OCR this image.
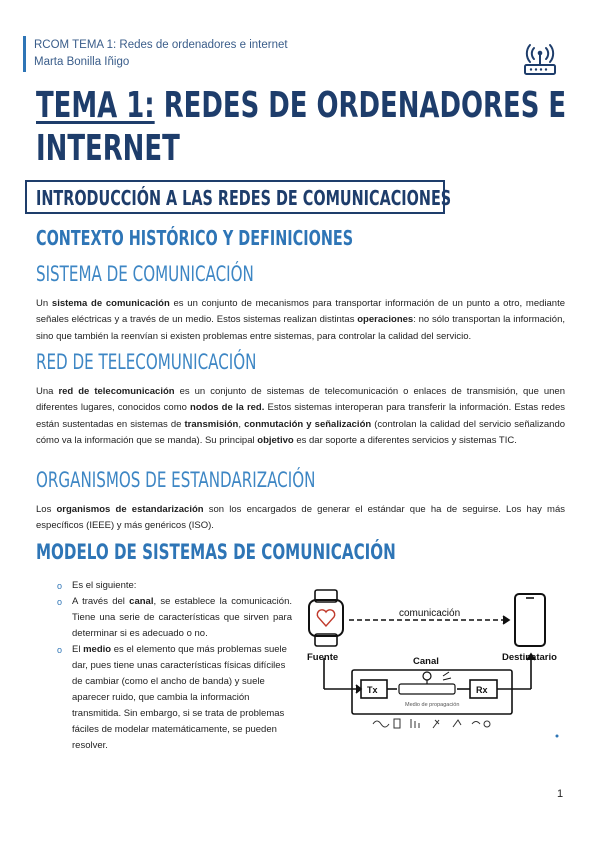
RCOM TEMA 1: Redes de ordenadores e internet
Marta Bonilla Iñigo
TEMA 1: REDES DE ORDENADORES E
INTERNET
INTRODUCCIÓN A LAS REDES DE COMUNICACIONES
CONTEXTO HISTÓRICO Y DEFINICIONES
SISTEMA DE COMUNICACIÓN
Un sistema de comunicación es un conjunto de mecanismos para transportar información de un punto a otro, mediante señales eléctricas y a través de un medio. Estos sistemas realizan distintas operaciones: no sólo transportan la información, sino que también la reenvían si existen problemas entre sistemas, para controlar la calidad del servicio.
RED DE TELECOMUNICACIÓN
Una red de telecomunicación es un conjunto de sistemas de telecomunicación o enlaces de transmisión, que unen diferentes lugares, conocidos como nodos de la red. Estos sistemas interoperan para transferir la información. Estas redes están sustentadas en sistemas de transmisión, conmutación y señalización (controlan la calidad del servicio señalizando cómo va la información que se manda). Su principal objetivo es dar soporte a diferentes servicios y sistemas TIC.
ORGANISMOS DE ESTANDARIZACIÓN
Los organismos de estandarización son los encargados de generar el estándar que ha de seguirse. Los hay más específicos (IEEE) y más genéricos (ISO).
MODELO DE SISTEMAS DE COMUNICACIÓN
o Es el siguiente:
o A través del canal, se establece la comunicación. Tiene una serie de características que sirven para determinar si es adecuado o no.
o El medio es el elemento que más problemas suele dar, pues tiene unas características físicas difíciles de cambiar (como el ancho de banda) y suele aparecer ruido, que cambia la información transmitida. Sin embargo, si se trata de problemas fáciles de modelar matemáticamente, se pueden resolver.
comunicación
Fuente	Canal	Destinatario
Tx	Rx
Medio de propagación
1
